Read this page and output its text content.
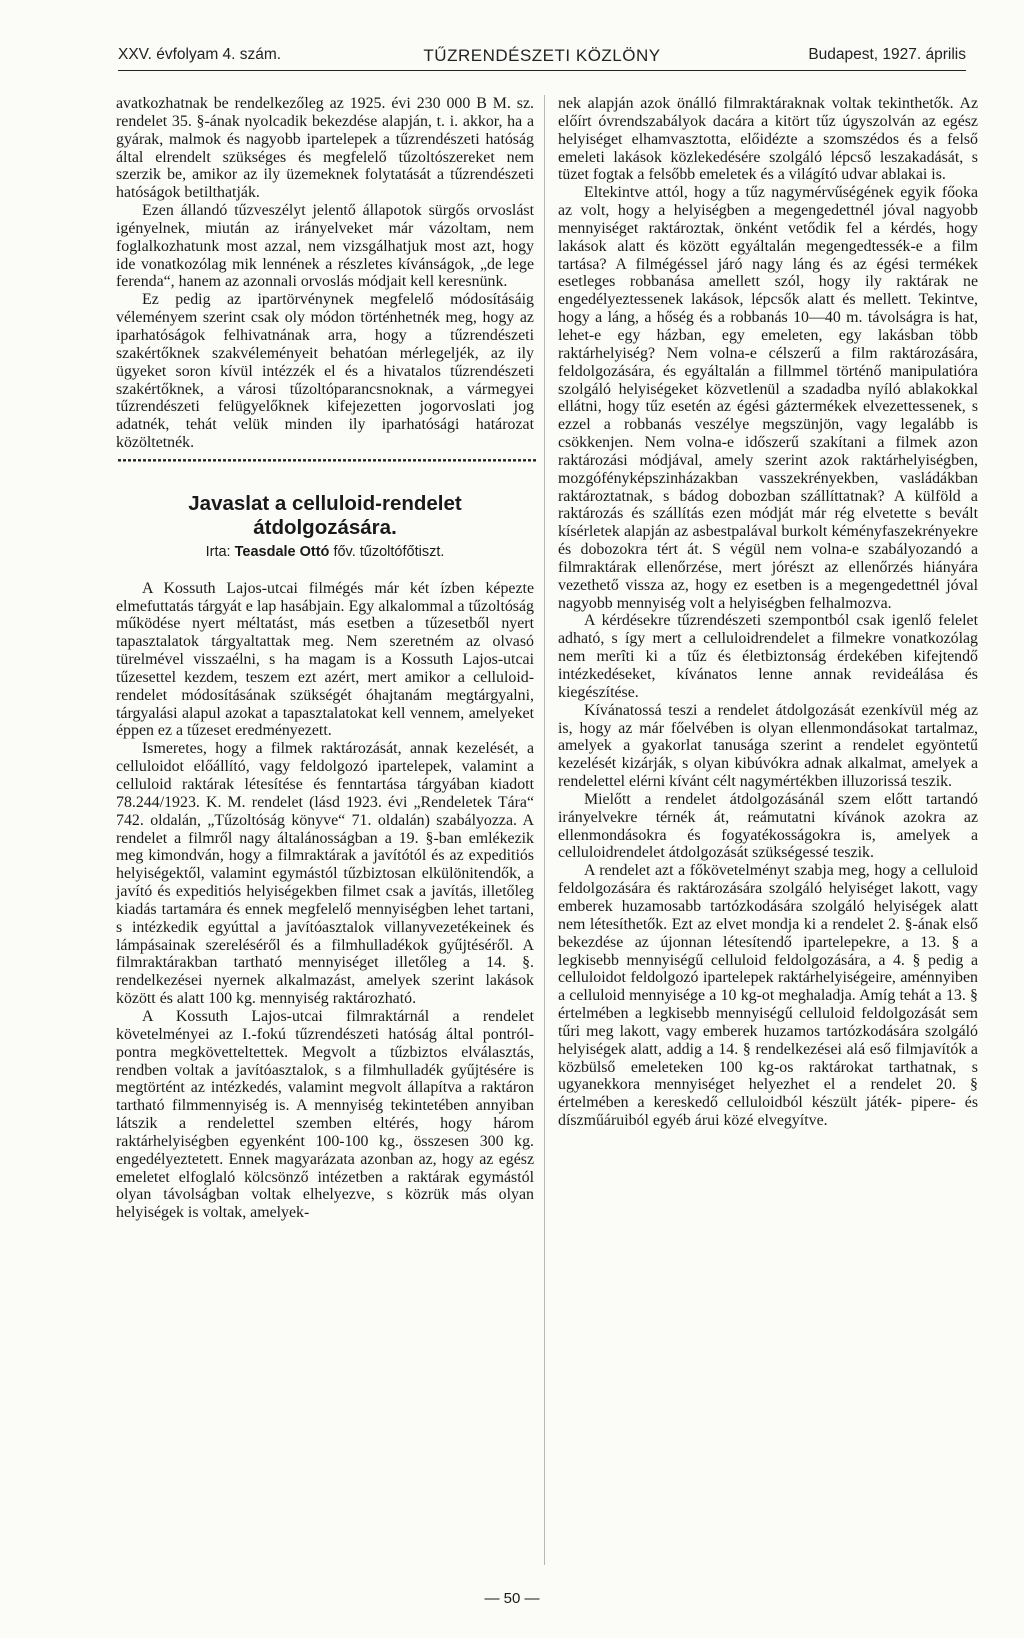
XXV. évfolyam 4. szám.	TŰZRENDÉSZETI KÖZLÖNY	Budapest, 1927. április

avatkozhatnak be rendelkezőleg az 1925. évi 230 000 B M. sz. rendelet 35. §-ának nyolcadik bekezdése alapján, t. i. akkor, ha a gyárak, malmok és nagyobb ipartelepek a tűzrendészeti hatóság által elrendelt szükséges és megfelelő tűzoltószereket nem szerzik be, amikor az ily üzemeknek folytatását a tűzrendészeti hatóságok betilthatják.

Ezen állandó tűzveszélyt jelentő állapotok sürgős orvoslást igényelnek, miután az irányelveket már vázoltam, nem foglalkozhatunk most azzal, nem vizsgálhatjuk most azt, hogy ide vonatkozólag mik lennének a részletes kívánságok, „de lege ferenda“, hanem az azonnali orvoslás módjait kell keresnünk.

Ez pedig az ipartörvénynek megfelelő módosításáig véleményem szerint csak oly módon történhetnék meg, hogy az iparhatóságok felhivatnának arra, hogy a tűzrendészeti szakértőknek szakvéleményeit behatóan mérlegeljék, az ily ügyeket soron kívül intézzék el és a hivatalos tűzrendészeti szakértőknek, a városi tűzoltóparancsnoknak, a vármegyei tűzrendészeti felügyelőknek kifejezetten jogorvoslati jog adatnék, tehát velük minden ily iparhatósági határozat közöltetnék.

Javaslat a celluloid-rendelet
átdolgozására.
Irta: Teasdale Ottó főv. tűzoltófőtiszt.

A Kossuth Lajos-utcai filmégés már két ízben képezte elmefuttatás tárgyát e lap hasábjain. Egy alkalommal a tűzoltóság működése nyert méltatást, más esetben a tűzesetből nyert tapasztalatok tárgyaltattak meg. Nem szeretném az olvasó türelmével visszaélni, s ha magam is a Kossuth Lajos-utcai tűzesettel kezdem, teszem ezt azért, mert amikor a celluloid-rendelet módosításának szükségét óhajtanám megtárgyalni, tárgyalási alapul azokat a tapasztalatokat kell vennem, amelyeket éppen ez a tűzeset eredményezett.

Ismeretes, hogy a filmek raktározását, annak kezelését, a celluloidot előállító, vagy feldolgozó ipartelepek, valamint a celluloid raktárak létesítése és fenntartása tárgyában kiadott 78.244/1923. K. M. rendelet (lásd 1923. évi „Rendeletek Tára“ 742. oldalán, „Tűzoltóság könyve“ 71. oldalán) szabályozza. A rendelet a filmről nagy általánosságban a 19. §-ban emlékezik meg kimondván, hogy a filmraktárak a javítótól és az expeditiós helyiségektől, valamint egymástól tűzbiztosan elkülönitendők, a javító és expeditiós helyiségekben filmet csak a javítás, illetőleg kiadás tartamára és ennek megfelelő mennyiségben lehet tartani, s intézkedik egyúttal a javítóasztalok villanyvezetékeinek és lámpásainak szereléséről és a filmhulladékok gyűjtéséről. A filmraktárakban tartható mennyiséget illetőleg a 14. §. rendelkezései nyernek alkalmazást, amelyek szerint lakások között és alatt 100 kg. mennyiség raktározható.

A Kossuth Lajos-utcai filmraktárnál a rendelet követelményei az I.-fokú tűzrendészeti hatóság által pontról-pontra megkövetteltettek. Megvolt a tűzbiztos elválasztás, rendben voltak a javítóasztalok, s a filmhulladék gyűjtésére is megtörtént az intézkedés, valamint megvolt állapítva a raktáron tartható filmmennyiség is. A mennyiség tekintetében annyiban látszik a rendelettel szemben eltérés, hogy három raktárhelyiségben egyenként 100-100 kg., összesen 300 kg. engedélyeztetett. Ennek magyarázata azonban az, hogy az egész emeletet elfoglaló kölcsönző intézetben a raktárak egymástól olyan távolságban voltak elhelyezve, s közrük más olyan helyiségek is voltak, amelyek-

nek alapján azok önálló filmraktáraknak voltak tekinthetők. Az előírt óvrendszabályok dacára a kitört tűz úgyszolván az egész helyiséget elhamvasztotta, előidézte a szomszédos és a felső emeleti lakások közlekedésére szolgáló lépcső leszakadását, s tüzet fogtak a felsőbb emeletek és a világító udvar ablakai is.

Eltekintve attól, hogy a tűz nagymérvűségének egyik főoka az volt, hogy a helyiségben a megengedettnél jóval nagyobb mennyiséget raktároztak, önként vetődik fel a kérdés, hogy lakások alatt és között egyáltalán megengedtessék-e a film tartása? A filmégéssel járó nagy láng és az égési termékek esetleges robbanása amellett szól, hogy ily raktárak ne engedélyeztessenek lakások, lépcsők alatt és mellett. Tekintve, hogy a láng, a hőség és a robbanás 10—40 m. távolságra is hat, lehet-e egy házban, egy emeleten, egy lakásban több raktárhelyiség? Nem volna-e célszerű a film raktározására, feldolgozására, és egyáltalán a fillmmel történő manipulatióra szolgáló helyiségeket közvetlenül a szadadba nyíló ablakokkal ellátni, hogy tűz esetén az égési gáztermékek elvezettessenek, s ezzel a robbanás veszélye megszünjön, vagy legalább is csökkenjen. Nem volna-e időszerű szakítani a filmek azon raktározási módjával, amely szerint azok raktárhelyiségben, mozgófényképszinházakban vasszekrényekben, vasládákban raktároztatnak, s bádog dobozban szállíttatnak? A külföld a raktározás és szállítás ezen módját már rég elvetette s bevált kísérletek alapján az asbestpalával burkolt kéményfaszekrényekre és dobozokra tért át. S végül nem volna-e szabályozandó a filmraktárak ellenőrzése, mert jórészt az ellenőrzés hiányára vezethető vissza az, hogy ez esetben is a megengedettnél jóval nagyobb mennyiség volt a helyiségben felhalmozva.

A kérdésekre tűzrendészeti szempontból csak igenlő felelet adható, s így mert a celluloidrendelet a filmekre vonatkozólag nem merîti ki a tűz és életbiztonság érdekében kifejtendő intézkedéseket, kívánatos lenne annak revideálása és kiegészítése.

Kívánatossá teszi a rendelet átdolgozását ezenkívül még az is, hogy az már főelvében is olyan ellenmondásokat tartalmaz, amelyek a gyakorlat tanusága szerint a rendelet egyöntetű kezelését kizárják, s olyan kibúvókra adnak alkalmat, amelyek a rendelettel elérni kívánt célt nagymértékben illuzorissá teszik.

Mielőtt a rendelet átdolgozásánál szem előtt tartandó irányelvekre térnék át, reámutatni kívánok azokra az ellenmondásokra és fogyatékosságokra is, amelyek a celluloidrendelet átdolgozását szükségessé teszik.

A rendelet azt a főkövetelményt szabja meg, hogy a celluloid feldolgozására és raktározására szolgáló helyiséget lakott, vagy emberek huzamosabb tartózkodására szolgáló helyiségek alatt nem létesíthetők. Ezt az elvet mondja ki a rendelet 2. §-ának első bekezdése az újonnan létesítendő ipartelepekre, a 13. § a legkisebb mennyiségű celluloid feldolgozására, a 4. § pedig a celluloidot feldolgozó ipartelepek raktárhelyiségeire, aménnyiben a celluloid mennyisége a 10 kg-ot meghaladja. Amíg tehát a 13. § értelmében a legkisebb mennyiségű celluloid feldolgozását sem tűri meg lakott, vagy emberek huzamos tartózkodására szolgáló helyiségek alatt, addig a 14. § rendelkezései alá eső filmjavítók a közbülső emeleteken 100 kg-os raktárokat tarthatnak, s ugyanekkora mennyiséget helyezhet el a rendelet 20. § értelmében a kereskedő celluloidból készült játék- pipere- és díszműáruiból egyéb árui közé elvegyítve.

— 50 —
